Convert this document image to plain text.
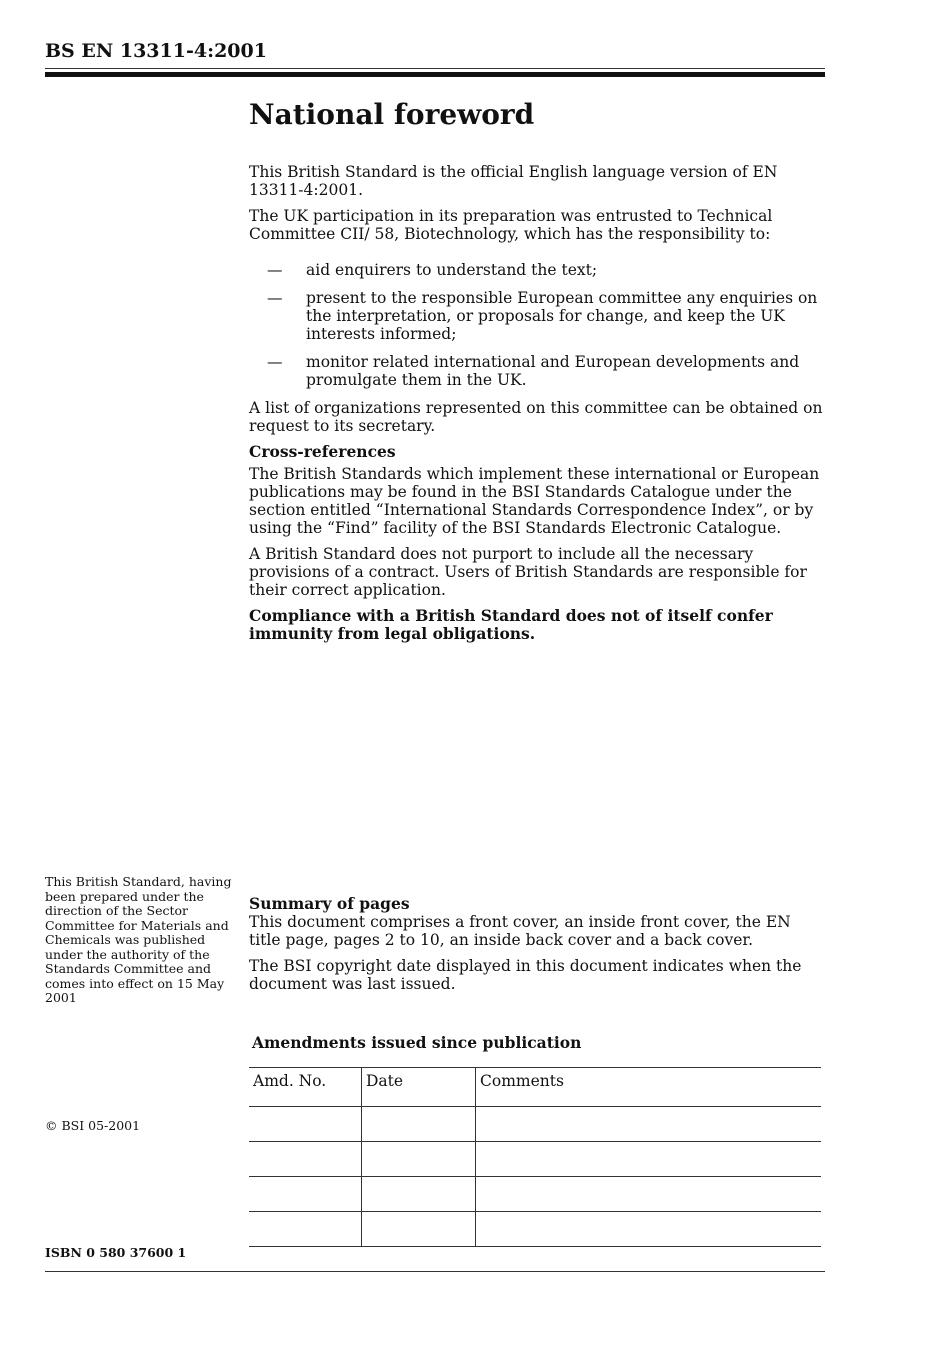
BS EN 13311-4:2001
National foreword

This British Standard is the official English language version of EN 13311-4:2001.

The UK participation in its preparation was entrusted to Technical Committee CII/ 58, Biotechnology, which has the responsibility to:

— aid enquirers to understand the text;
— present to the responsible European committee any enquiries on the interpretation, or proposals for change, and keep the UK interests informed;
— monitor related international and European developments and promulgate them in the UK.

A list of organizations represented on this committee can be obtained on request to its secretary.

Cross-references

The British Standards which implement these international or European publications may be found in the BSI Standards Catalogue under the section entitled “International Standards Correspondence Index”, or by using the “Find” facility of the BSI Standards Electronic Catalogue.

A British Standard does not purport to include all the necessary provisions of a contract. Users of British Standards are responsible for their correct application.

Compliance with a British Standard does not of itself confer immunity from legal obligations.

This British Standard, having been prepared under the direction of the Sector Committee for Materials and Chemicals was published under the authority of the Standards Committee and comes into effect on 15 May 2001
© BSI 05-2001
ISBN 0 580 37600 1

Summary of pages

This document comprises a front cover, an inside front cover, the EN title page, pages 2 to 10, an inside back cover and a back cover.

The BSI copyright date displayed in this document indicates when the document was last issued.

Amendments issued since publication
Amd. No.	Date	Comments
